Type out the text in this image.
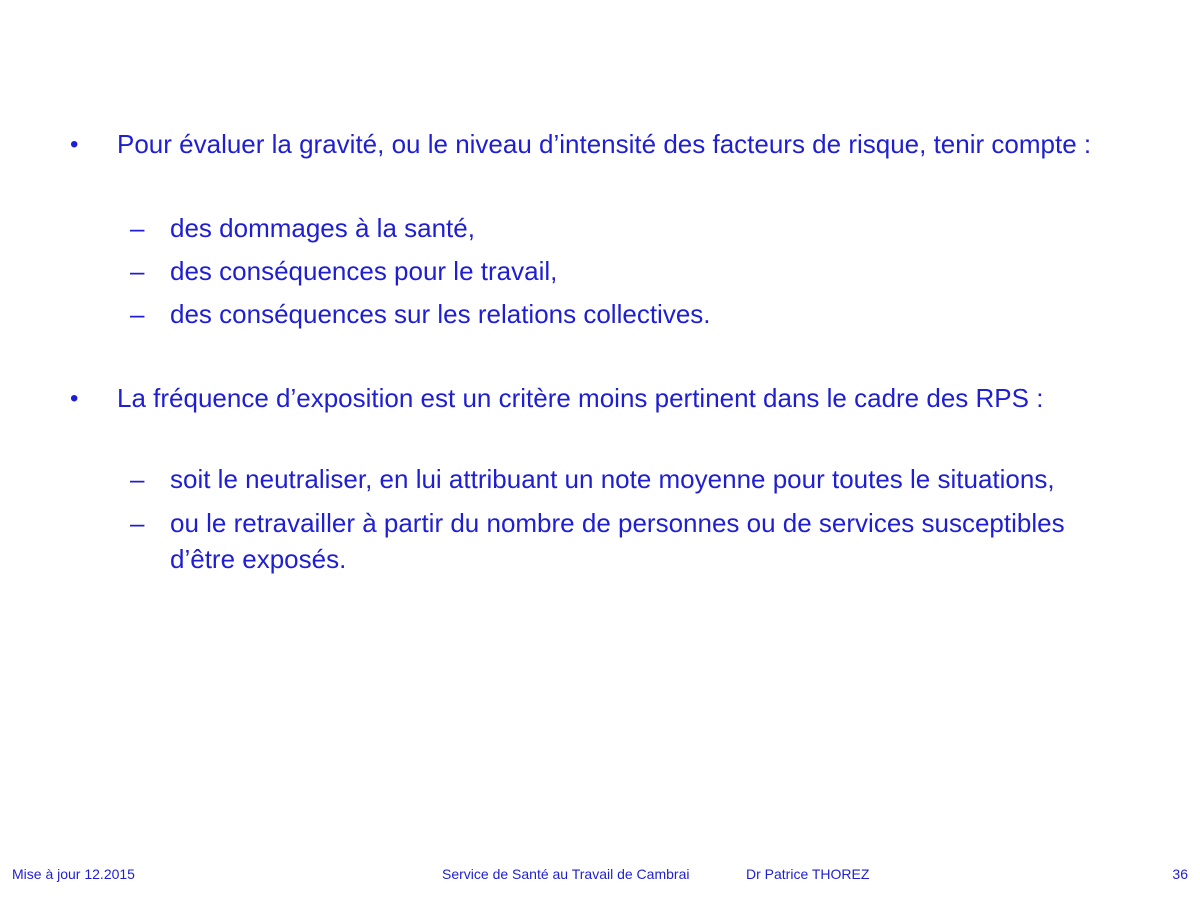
• Pour évaluer la gravité, ou le niveau d’intensité des facteurs de risque, tenir compte :
– des dommages à la santé,
– des conséquences pour le travail,
– des conséquences sur les relations collectives.
• La fréquence d’exposition est un critère moins pertinent dans le cadre des RPS :
– soit le neutraliser, en lui attribuant un note moyenne pour toutes le situations,
– ou le retravailler à partir du nombre de personnes ou de services susceptibles d’être exposés.
Mise à jour 12.2015	Service de Santé au Travail de Cambrai	Dr Patrice THOREZ	36
